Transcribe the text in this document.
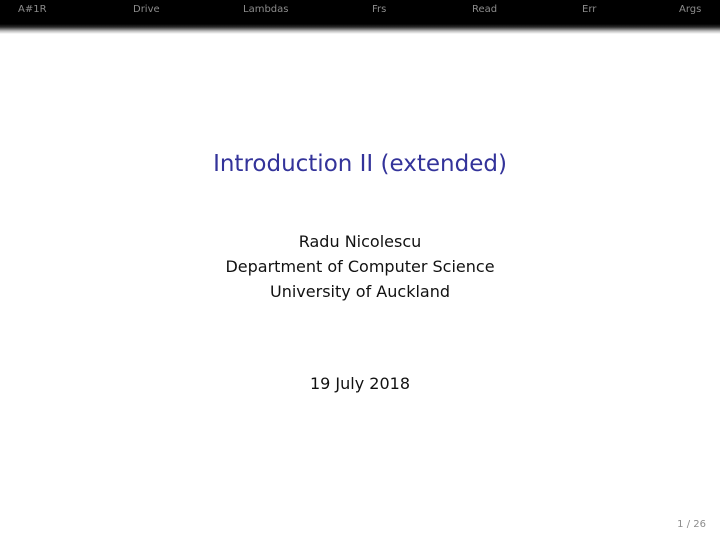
A#1R	Drive	Lambdas	Frs	Read	Err	Args
Introduction II (extended)
Radu Nicolescu
Department of Computer Science
University of Auckland
19 July 2018
1 / 26
